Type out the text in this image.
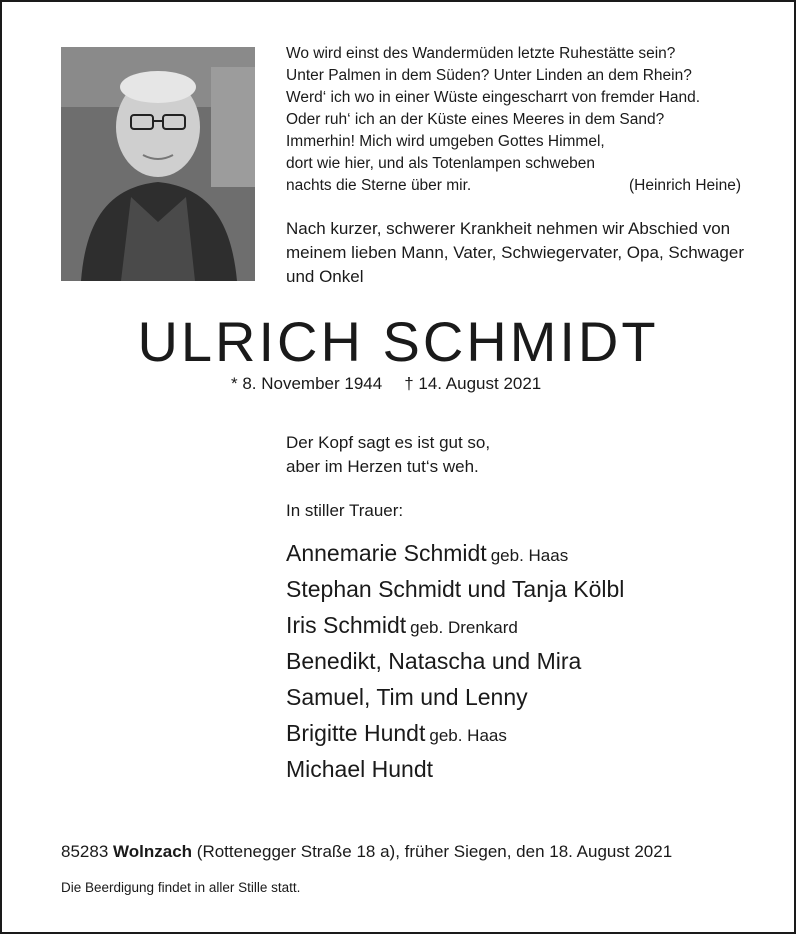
Wo wird einst des Wandermüden letzte Ruhestätte sein?
Unter Palmen in dem Süden? Unter Linden an dem Rhein?
Werd‘ ich wo in einer Wüste eingescharrt von fremder Hand.
Oder ruh‘ ich an der Küste eines Meeres in dem Sand?
Immerhin! Mich wird umgeben Gottes Himmel,
dort wie hier, und als Totenlampen schweben
nachts die Sterne über mir.	(Heinrich Heine)
Nach kurzer, schwerer Krankheit nehmen wir Abschied von meinem lieben Mann, Vater, Schwiegervater, Opa, Schwager und Onkel
ULRICH SCHMIDT
* 8. November 1944 † 14. August 2021
Der Kopf sagt es ist gut so,
aber im Herzen tut‘s weh.
In stiller Trauer:
Annemarie Schmidt geb. Haas
Stephan Schmidt und Tanja Kölbl
Iris Schmidt geb. Drenkard
Benedikt, Natascha und Mira
Samuel, Tim und Lenny
Brigitte Hundt geb. Haas
Michael Hundt
85283 Wolnzach (Rottenegger Straße 18 a), früher Siegen, den 18. August 2021
Die Beerdigung findet in aller Stille statt.
